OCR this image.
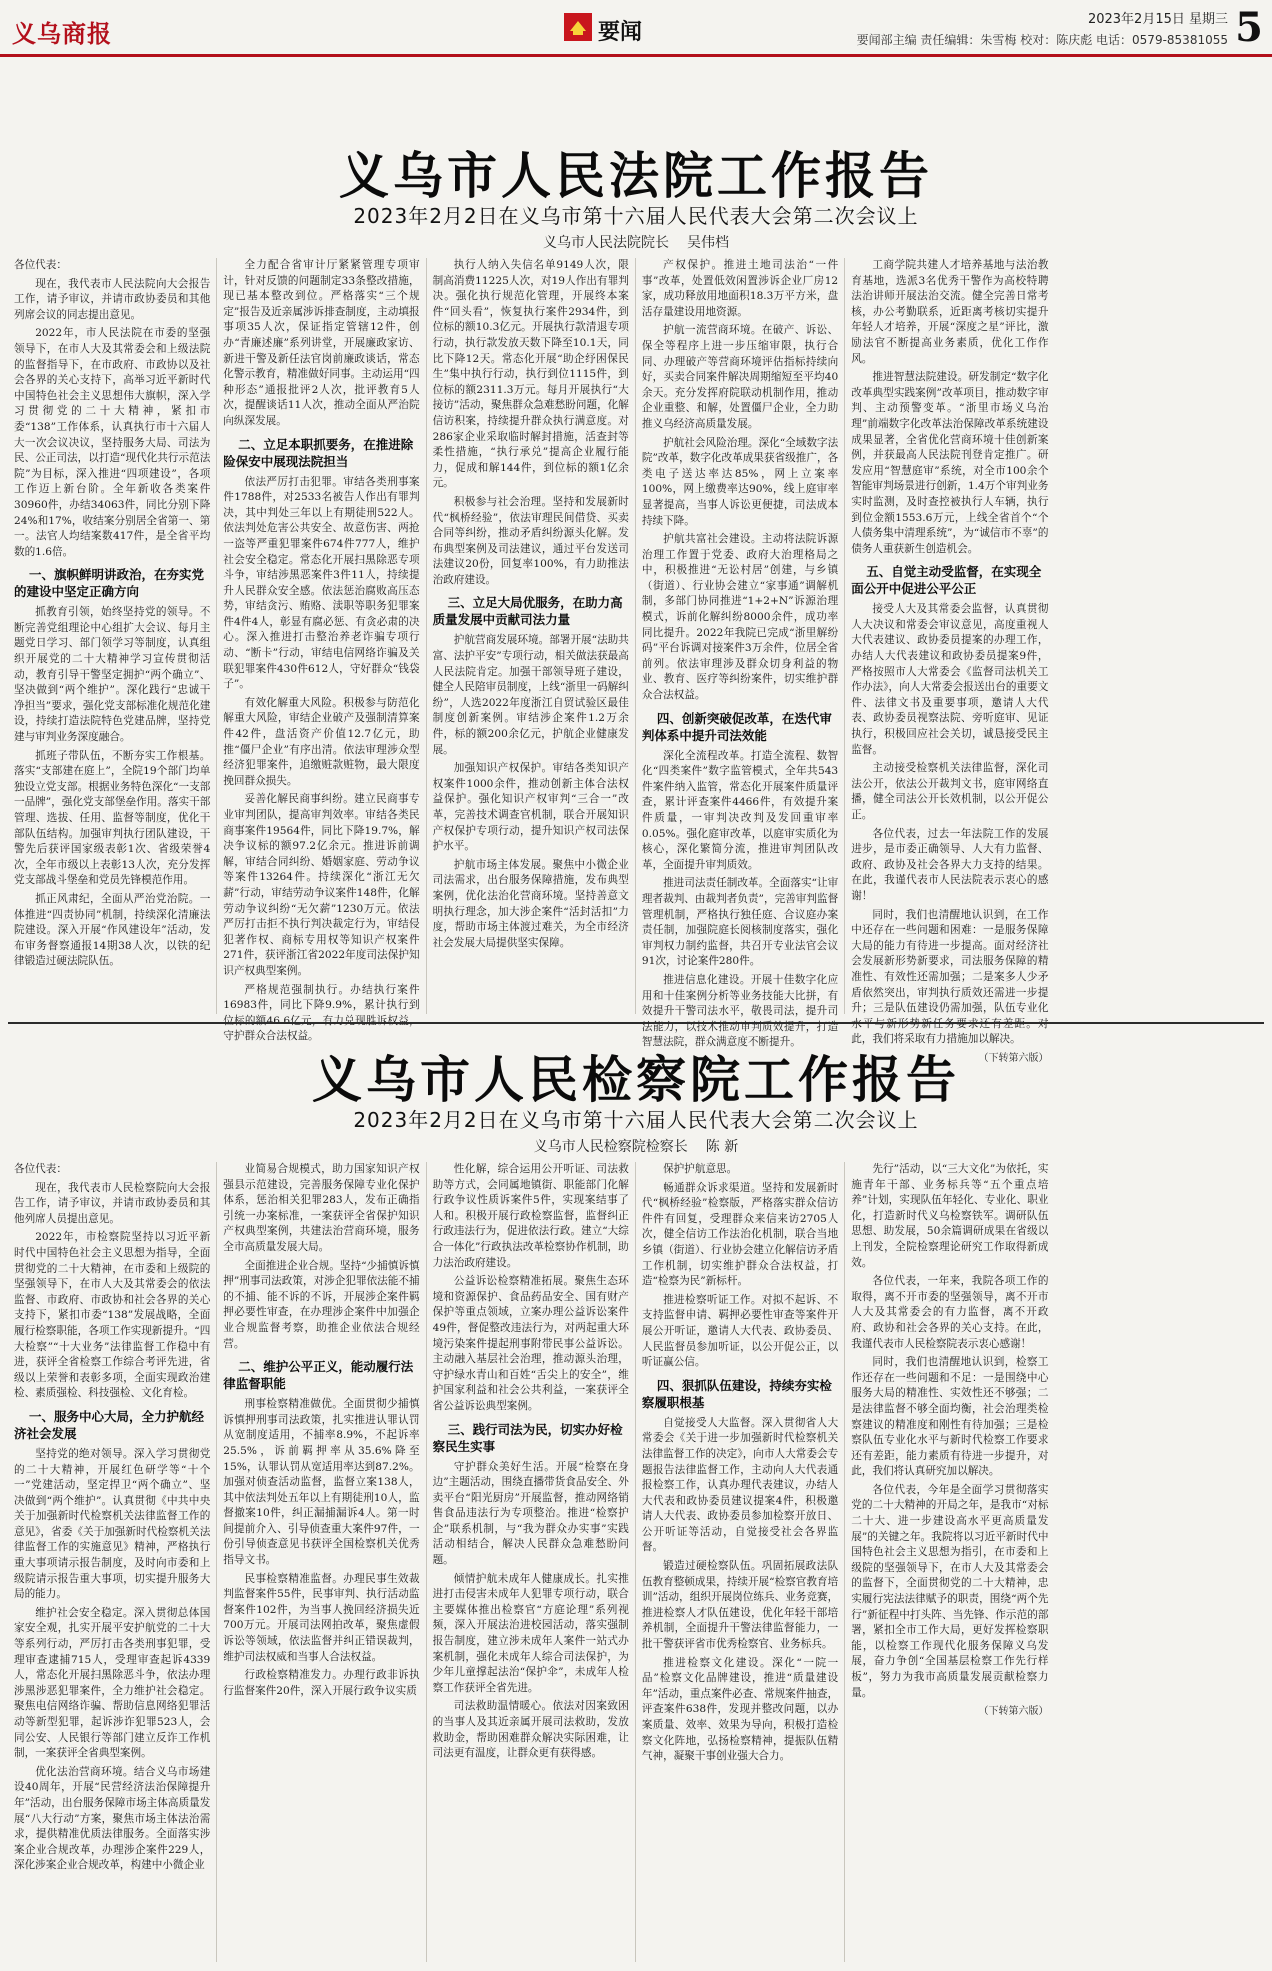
义乌商报	要闻
2023年2月15日 星期三
要闻部主编 责任编辑：朱雪梅 校对：陈庆彪 电话：0579-85381055 5
义乌市人民法院工作报告
2023年2月2日在义乌市第十六届人民代表大会第二次会议上
义乌市人民法院院长 吴伟档

各位代表：

现在，我代表市人民法院向大会报告工作，请予审议，并请市政协委员和其他列席会议的同志提出意见。

2022年，市人民法院在市委的坚强领导下，在市人大及其常委会和上级法院的监督指导下，在市政府、市政协以及社会各界的关心支持下，高举习近平新时代中国特色社会主义思想伟大旗帜，深入学习贯彻党的二十大精神，紧扣市委“138”工作体系，认真执行市十六届人大一次会议决议，坚持服务大局、司法为民、公正司法，以打造“现代化共行示范法院”为目标，深入推进“四项建设”，各项工作迈上新台阶。全年新收各类案件30960件，办结34063件，同比分别下降24%和17%，收结案分别居全省第一、第一。法官人均结案数417件，是全省平均数的1.6倍。

一、旗帜鲜明讲政治，在夯实党的建设中坚定正确方向

抓教育引领，始终坚持党的领导。不断完善党组理论中心组扩大会议、每月主题党日学习、部门领学习等制度，认真组织开展党的二十大精神学习宣传贯彻活动，教育引导干警坚定拥护“两个确立”、坚决做到“两个维护”。深化践行“忠诚干净担当”要求，强化党支部标准化规范化建设，持续打造法院特色党建品牌，坚持党建与审判业务深度融合。

抓班子带队伍，不断夯实工作根基。落实“支部建在庭上”，全院19个部门均单独设立党支部。根据业务特色深化“一支部一品牌”，强化党支部堡垒作用。落实干部管理、选拔、任用、监督等制度，优化干部队伍结构。加强审判执行团队建设，干警先后获评国家级表彰1次、省级荣誉4次，全年市级以上表彰13人次，充分发挥党支部战斗堡垒和党员先锋模范作用。

抓正风肃纪，全面从严治党治院。一体推进“四责协同”机制，持续深化清廉法院建设。深入开展“作风建设年”活动，发布审务督察通报14期38人次，以铁的纪律锻造过硬法院队伍。

全力配合省审计厅紧紧管理专项审计，针对反馈的问题制定33条整改措施，现已基本整改到位。严格落实“三个规定”报告及近亲属涉诉排查制度，主动填报事项35人次，保证指定管辖12件，创办“青廉述廉”系列讲堂，开展廉政家访、新进干警及新任法官岗前廉政谈话，常态化警示教育，精准做好同事。主动运用“四种形态”通报批评2人次，批评教育5人次，提醒谈话11人次，推动全面从严治院向纵深发展。

二、立足本职抓要务，在推进除险保安中展现法院担当

依法严厉打击犯罪。审结各类刑事案件1788件，对2533名被告人作出有罪判决，其中判处三年以上有期徒刑522人。依法判处危害公共安全、故意伤害、两抢一盗等严重犯罪案件674件777人，维护社会安全稳定。常态化开展扫黑除恶专项斗争，审结涉黑恶案件3件11人，持续提升人民群众安全感。依法惩治腐败高压态势，审结贪污、贿赂、渎职等职务犯罪案件4件4人，彰显有腐必惩、有贪必肃的决心。深入推进打击整治养老诈骗专项行动、“断卡”行动，审结电信网络诈骗及关联犯罪案件430件612人，守好群众“钱袋子”。

有效化解重大风险。积极参与防范化解重大风险，审结企业破产及强制清算案件42件，盘活资产价值12.7亿元，助推“僵尸企业”有序出清。依法审理涉众型经济犯罪案件，追缴赃款赃物，最大限度挽回群众损失。

妥善化解民商事纠纷。建立民商事专业审判团队，提高审判效率。审结各类民商事案件19564件，同比下降19.7%，解决争议标的额97.2亿余元。推进诉前调解，审结合同纠纷、婚姻家庭、劳动争议等案件13264件。持续深化“浙江无欠薪”行动，审结劳动争议案件148件，化解劳动争议纠纷“无欠薪”1230万元。依法严厉打击拒不执行判决裁定行为，审结侵犯著作权、商标专用权等知识产权案件271件，获评浙江省2022年度司法保护知识产权典型案例。

严格规范强制执行。办结执行案件16983件，同比下降9.9%，累计执行到位标的额46.6亿元，有力兑现胜诉权益，守护群众合法权益。

执行人纳入失信名单9149人次，限制高消费11225人次，对19人作出有罪判决。强化执行规范化管理，开展终本案件“回头看”，恢复执行案件2934件，到位标的额10.3亿元。开展执行款清退专项行动，执行款发放天数下降至10.1天，同比下降12天。常态化开展“助企纾困保民生”集中执行行动，执行到位1115件，到位标的额2311.3万元。每月开展执行“大接访”活动，聚焦群众急难愁盼问题，化解信访积案，持续提升群众执行满意度。对286家企业采取临时解封措施，活查封等柔性措施，“执行承兑”提高企业履行能力，促成和解144件，到位标的额1亿余元。

积极参与社会治理。坚持和发展新时代“枫桥经验”，依法审理民间借贷、买卖合同等纠纷，推动矛盾纠纷源头化解。发布典型案例及司法建议，通过平台发送司法建议20份，回复率100%，有力助推法治政府建设。

三、立足大局优服务，在助力高质量发展中贡献司法力量

护航营商发展环境。部署开展“法助共富、法护平安”专项行动，相关做法获最高人民法院肯定。加强干部领导班子建设，健全人民陪审员制度，上线“浙里一码解纠纷”，人选2022年度浙江自贸试验区最佳制度创新案例。审结涉企案件1.2万余件，标的额200余亿元，护航企业健康发展。

加强知识产权保护。审结各类知识产权案件1000余件，推动创新主体合法权益保护。强化知识产权审判“三合一”改革，完善技术调查官机制，联合开展知识产权保护专项行动，提升知识产权司法保护水平。

护航市场主体发展。聚焦中小微企业司法需求，出台服务保障措施，发布典型案例，优化法治化营商环境。坚持善意文明执行理念，加大涉企案件“活封活扣”力度，帮助市场主体渡过难关，为全市经济社会发展大局提供坚实保障。

产权保护。推进土地司法治“一件事”改革，处置低效闲置涉诉企业厂房12家，成功释放用地面积18.3万平方米，盘活存量建设用地资源。

护航一流营商环境。在破产、诉讼、保全等程序上进一步压缩审限，执行合同、办理破产等营商环境评估指标持续向好，买卖合同案件解决周期缩短至平均40余天。充分发挥府院联动机制作用，推动企业重整、和解，处置僵尸企业，全力助推义乌经济高质量发展。

护航社会风险治理。深化“全域数字法院”改革，数字化改革成果获省级推广，各类电子送达率达85%，网上立案率100%，网上缴费率达90%，线上庭审率显著提高，当事人诉讼更便捷，司法成本持续下降。

护航共富社会建设。主动将法院诉源治理工作置于党委、政府大治理格局之中，积极推进“无讼村居”创建，与乡镇（街道）、行业协会建立“家事通”调解机制，多部门协同推进“1+2+N”诉源治理模式，诉前化解纠纷8000余件，成功率同比提升。2022年我院已完成“浙里解纷码”平台诉调对接案件3万余件，位居全省前列。依法审理涉及群众切身利益的物业、教育、医疗等纠纷案件，切实维护群众合法权益。

四、创新突破促改革，在迭代审判体系中提升司法效能

深化全流程改革。打造全流程、数智化“四类案件”数字监管模式，全年共543件案件纳入监管，常态化开展案件质量评查，累计评查案件4466件，有效提升案件质量，一审判决改判及发回重审率0.05%。强化庭审改革，以庭审实质化为核心，深化繁简分流，推进审判团队改革，全面提升审判质效。

推进司法责任制改革。全面落实“让审理者裁判、由裁判者负责”，完善审判监督管理机制，严格执行独任庭、合议庭办案责任制，加强院庭长阅核制度落实，强化审判权力制约监督，共召开专业法官会议91次，讨论案件280件。

推进信息化建设。开展十佳数字化应用和十佳案例分析等业务技能大比拼，有效提升干警司法水平，敬畏司法，提升司法能力，以技术推动审判质效提升，打造智慧法院，群众满意度不断提升。

工商学院共建人才培养基地与法治教育基地，选派3名优秀干警作为高校特聘法治讲师开展法治交流。健全完善日常考核，办公考勤联系，近距离考核切实提升年轻人才培养，开展“深度之星”评比，激励法官不断提高业务素质，优化工作作风。

推进智慧法院建设。研发制定“数字化改革典型实践案例”改革项目，推动数字审判、主动预警变革。“浙里市场义乌治理”前端数字化改革法治保障改革系统建设成果显著，全省优化营商环境十佳创新案例，并获最高人民法院刊登肯定推广。研发应用“智慧庭审”系统，对全市100余个智能审判场景进行创新，1.4万个审判业务实时监测，及时查控被执行人车辆，执行到位金额1553.6万元，上线全省首个“个人债务集中清理系统”，为“诚信市不辜”的债务人重获新生创造机会。

五、自觉主动受监督，在实现全面公开中促进公平公正

接受人大及其常委会监督，认真贯彻人大决议和常委会审议意见，高度重视人大代表建议、政协委员提案的办理工作，办结人大代表建议和政协委员提案9件，严格按照市人大常委会《监督司法机关工作办法》，向人大常委会报送出台的重要文件、法律文书及重要事项，邀请人大代表、政协委员视察法院、旁听庭审、见证执行，积极回应社会关切，诚恳接受民主监督。

主动接受检察机关法律监督，深化司法公开，依法公开裁判文书，庭审网络直播，健全司法公开长效机制，以公开促公正。

各位代表，过去一年法院工作的发展进步，是市委正确领导、人大有力监督、政府、政协及社会各界大力支持的结果。在此，我谨代表市人民法院表示衷心的感谢！

同时，我们也清醒地认识到，在工作中还存在一些问题和困难：一是服务保障大局的能力有待进一步提高。面对经济社会发展新形势新要求，司法服务保障的精准性、有效性还需加强；二是案多人少矛盾依然突出，审判执行质效还需进一步提升；三是队伍建设仍需加强，队伍专业化水平与新形势新任务要求还有差距。对此，我们将采取有力措施加以解决。

（下转第六版）

义乌市人民检察院工作报告
2023年2月2日在义乌市第十六届人民代表大会第二次会议上
义乌市人民检察院检察长 陈 新

各位代表：

现在，我代表市人民检察院向大会报告工作，请予审议，并请市政协委员和其他列席人员提出意见。

2022年，市检察院坚持以习近平新时代中国特色社会主义思想为指导，全面贯彻党的二十大精神，在市委和上级院的坚强领导下，在市人大及其常委会的依法监督、市政府、市政协和社会各界的关心支持下，紧扣市委“138”发展战略，全面履行检察职能，各项工作实现新提升。“四大检察”“十大业务”法律监督工作稳中有进，获评全省检察工作综合考评先进，省级以上荣誉和表彰多项，全面实现政治建检、素质强检、科技强检、文化育检。

一、服务中心大局，全力护航经济社会发展

坚持党的绝对领导。深入学习贯彻党的二十大精神，开展红色研学等“十个一”党建活动，坚定捍卫“两个确立”、坚决做到“两个维护”。认真贯彻《中共中央关于加强新时代检察机关法律监督工作的意见》，省委《关于加强新时代检察机关法律监督工作的实施意见》精神，严格执行重大事项请示报告制度，及时向市委和上级院请示报告重大事项，切实提升服务大局的能力。

维护社会安全稳定。深入贯彻总体国家安全观，扎实开展平安护航党的二十大等系列行动，严厉打击各类刑事犯罪，受理审查逮捕715人，受理审查起诉4339人，常态化开展扫黑除恶斗争，依法办理涉黑涉恶犯罪案件，全力维护社会稳定。聚焦电信网络诈骗、帮助信息网络犯罪活动等新型犯罪，起诉涉诈犯罪523人，会同公安、人民银行等部门建立反诈工作机制，一案获评全省典型案例。

优化法治营商环境。结合义乌市场建设40周年，开展“民营经济法治保障提升年”活动，出台服务保障市场主体高质量发展“八大行动”方案，聚焦市场主体法治需求，提供精准优质法律服务。全面落实涉案企业合规改革，办理涉企案件229人，深化涉案企业合规改革，构建中小微企业

业简易合规模式，助力国家知识产权强县示范建设，完善服务保障专业化保护体系，惩治相关犯罪283人，发布正确指引统一办案标准，一案获评全省保护知识产权典型案例，共建法治营商环境，服务全市高质量发展大局。

全面推进企业合规。坚持“少捕慎诉慎押”刑事司法政策，对涉企犯罪依法能不捕的不捕、能不诉的不诉，开展涉企案件羁押必要性审查，在办理涉企案件中加强企业合规监督考察，助推企业依法合规经营。

二、维护公平正义，能动履行法律监督职能

刑事检察精准做优。全面贯彻少捕慎诉慎押刑事司法政策，扎实推进认罪认罚从宽制度适用，不捕率8.9%，不起诉率25.5%，诉前羁押率从35.6%降至15%，认罪认罚从宽适用率达到87.2%。加强对侦查活动监督，监督立案138人，其中依法判处五年以上有期徒刑10人，监督撤案10件，纠正漏捕漏诉4人。第一时间提前介入、引导侦查重大案件97件，一份引导侦查意见书获评全国检察机关优秀指导文书。

民事检察精准监督。办理民事生效裁判监督案件55件，民事审判、执行活动监督案件102件，为当事人挽回经济损失近700万元。开展司法网拍改革，聚焦虚假诉讼等领域，依法监督并纠正错误裁判，维护司法权威和当事人合法权益。

行政检察精准发力。办理行政非诉执行监督案件20件，深入开展行政争议实质

性化解，综合运用公开听证、司法救助等方式，会同属地镇街、职能部门化解行政争议性质诉案件5件，实现案结事了人和。积极开展行政检察监督，监督纠正行政违法行为，促进依法行政。建立“大综合一体化”行政执法改革检察协作机制，助力法治政府建设。

公益诉讼检察精准拓展。聚焦生态环境和资源保护、食品药品安全、国有财产保护等重点领域，立案办理公益诉讼案件49件，督促整改违法行为，对两起重大环境污染案件提起刑事附带民事公益诉讼。主动融入基层社会治理，推动源头治理，守护绿水青山和百姓“舌尖上的安全”，维护国家利益和社会公共利益，一案获评全省公益诉讼典型案例。

三、践行司法为民，切实办好检察民生实事

守护群众美好生活。开展“检察在身边”主题活动，围绕直播带货食品安全、外卖平台“阳光厨房”开展监督，推动网络销售食品违法行为专项整治。推进“检察护企”联系机制，与“我为群众办实事”实践活动相结合，解决人民群众急难愁盼问题。

倾情护航未成年人健康成长。扎实推进打击侵害未成年人犯罪专项行动，联合主要媒体推出检察官“方庭论理”系列视频，深入开展法治进校园活动，落实强制报告制度，建立涉未成年人案件一站式办案机制，强化未成年人综合司法保护，为少年儿童撑起法治“保护伞”，未成年人检察工作获评全省先进。

司法救助温情暖心。依法对因案致困的当事人及其近亲属开展司法救助，发放救助金，帮助困难群众解决实际困难，让司法更有温度，让群众更有获得感。

保护护航意思。

畅通群众诉求渠道。坚持和发展新时代“枫桥经验”检察版，严格落实群众信访件件有回复，受理群众来信来访2705人次，健全信访工作法治化机制，联合当地乡镇（街道）、行业协会建立化解信访矛盾工作机制，切实维护群众合法权益，打造“检察为民”新标杆。

推进检察听证工作。对拟不起诉、不支持监督申请、羁押必要性审查等案件开展公开听证，邀请人大代表、政协委员、人民监督员参加听证，以公开促公正，以听证赢公信。

四、狠抓队伍建设，持续夯实检察履职根基

自觉接受人大监督。深入贯彻省人大常委会《关于进一步加强新时代检察机关法律监督工作的决定》，向市人大常委会专题报告法律监督工作，主动向人大代表通报检察工作，认真办理代表建议，办结人大代表和政协委员建议提案4件，积极邀请人大代表、政协委员参加检察开放日、公开听证等活动，自觉接受社会各界监督。

锻造过硬检察队伍。巩固拓展政法队伍教育整顿成果，持续开展“检察官教育培训”活动，组织开展岗位练兵、业务竞赛，推进检察人才队伍建设，优化年轻干部培养机制，全面提升干警法律监督能力，一批干警获评省市优秀检察官、业务标兵。

推进检察文化建设。深化“一院一品”检察文化品牌建设，推进“质量建设年”活动，重点案件必查、常规案件抽查，评查案件638件，发现并整改问题，以办案质量、效率、效果为导向，积极打造检察文化阵地，弘扬检察精神，提振队伍精气神，凝聚干事创业强大合力。

先行”活动，以“三大文化”为依托，实施青年干部、业务标兵等“五个重点培养”计划，实现队伍年轻化、专业化、职业化，打造新时代义乌检察铁军。调研队伍思想、助发展，50余篇调研成果在省级以上刊发，全院检察理论研究工作取得新成效。

各位代表，一年来，我院各项工作的取得，离不开市委的坚强领导，离不开市人大及其常委会的有力监督，离不开政府、政协和社会各界的关心支持。在此，我谨代表市人民检察院表示衷心感谢！

同时，我们也清醒地认识到，检察工作还存在一些问题和不足：一是围绕中心服务大局的精准性、实效性还不够强；二是法律监督不够全面均衡，社会治理类检察建议的精准度和刚性有待加强；三是检察队伍专业化水平与新时代检察工作要求还有差距，能力素质有待进一步提升，对此，我们将认真研究加以解决。

各位代表，今年是全面学习贯彻落实党的二十大精神的开局之年，是我市“对标二十大、进一步建设高水平更高质量发展”的关键之年。我院将以习近平新时代中国特色社会主义思想为指引，在市委和上级院的坚强领导下，在市人大及其常委会的监督下，全面贯彻党的二十大精神，忠实履行宪法法律赋予的职责，围绕“两个先行”新征程中打头阵、当先锋、作示范的部署，紧扣全市工作大局，更好发挥检察职能，以检察工作现代化服务保障义乌发展，奋力争创“全国基层检察工作先行样板”，努力为我市高质量发展贡献检察力量。

（下转第六版）
